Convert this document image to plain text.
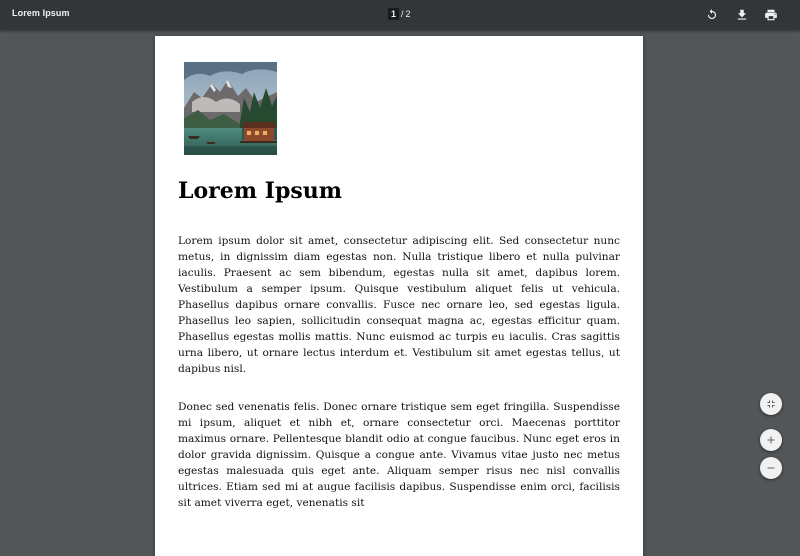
Lorem Ipsum	1 / 2
Lorem Ipsum

Lorem ipsum dolor sit amet, consectetur adipiscing elit. Sed consectetur nunc metus, in dignissim diam egestas non. Nulla tristique libero et nulla pulvinar iaculis. Praesent ac sem bibendum, egestas nulla sit amet, dapibus lorem. Vestibulum a semper ipsum. Quisque vestibulum aliquet felis ut vehicula. Phasellus dapibus ornare convallis. Fusce nec ornare leo, sed egestas ligula. Phasellus leo sapien, sollicitudin consequat magna ac, egestas efficitur quam. Phasellus egestas mollis mattis. Nunc euismod ac turpis eu iaculis. Cras sagittis urna libero, ut ornare lectus interdum et. Vestibulum sit amet egestas tellus, ut dapibus nisl.

Donec sed venenatis felis. Donec ornare tristique sem eget fringilla. Suspendisse mi ipsum, aliquet et nibh et, ornare consectetur orci. Maecenas porttitor maximus ornare. Pellentesque blandit odio at congue faucibus. Nunc eget eros in dolor gravida dignissim. Quisque a congue ante. Vivamus vitae justo nec metus egestas malesuada quis eget ante. Aliquam semper risus nec nisl convallis ultrices. Etiam sed mi at augue facilisis dapibus. Suspendisse enim orci, facilisis sit amet viverra eget, venenatis sit
